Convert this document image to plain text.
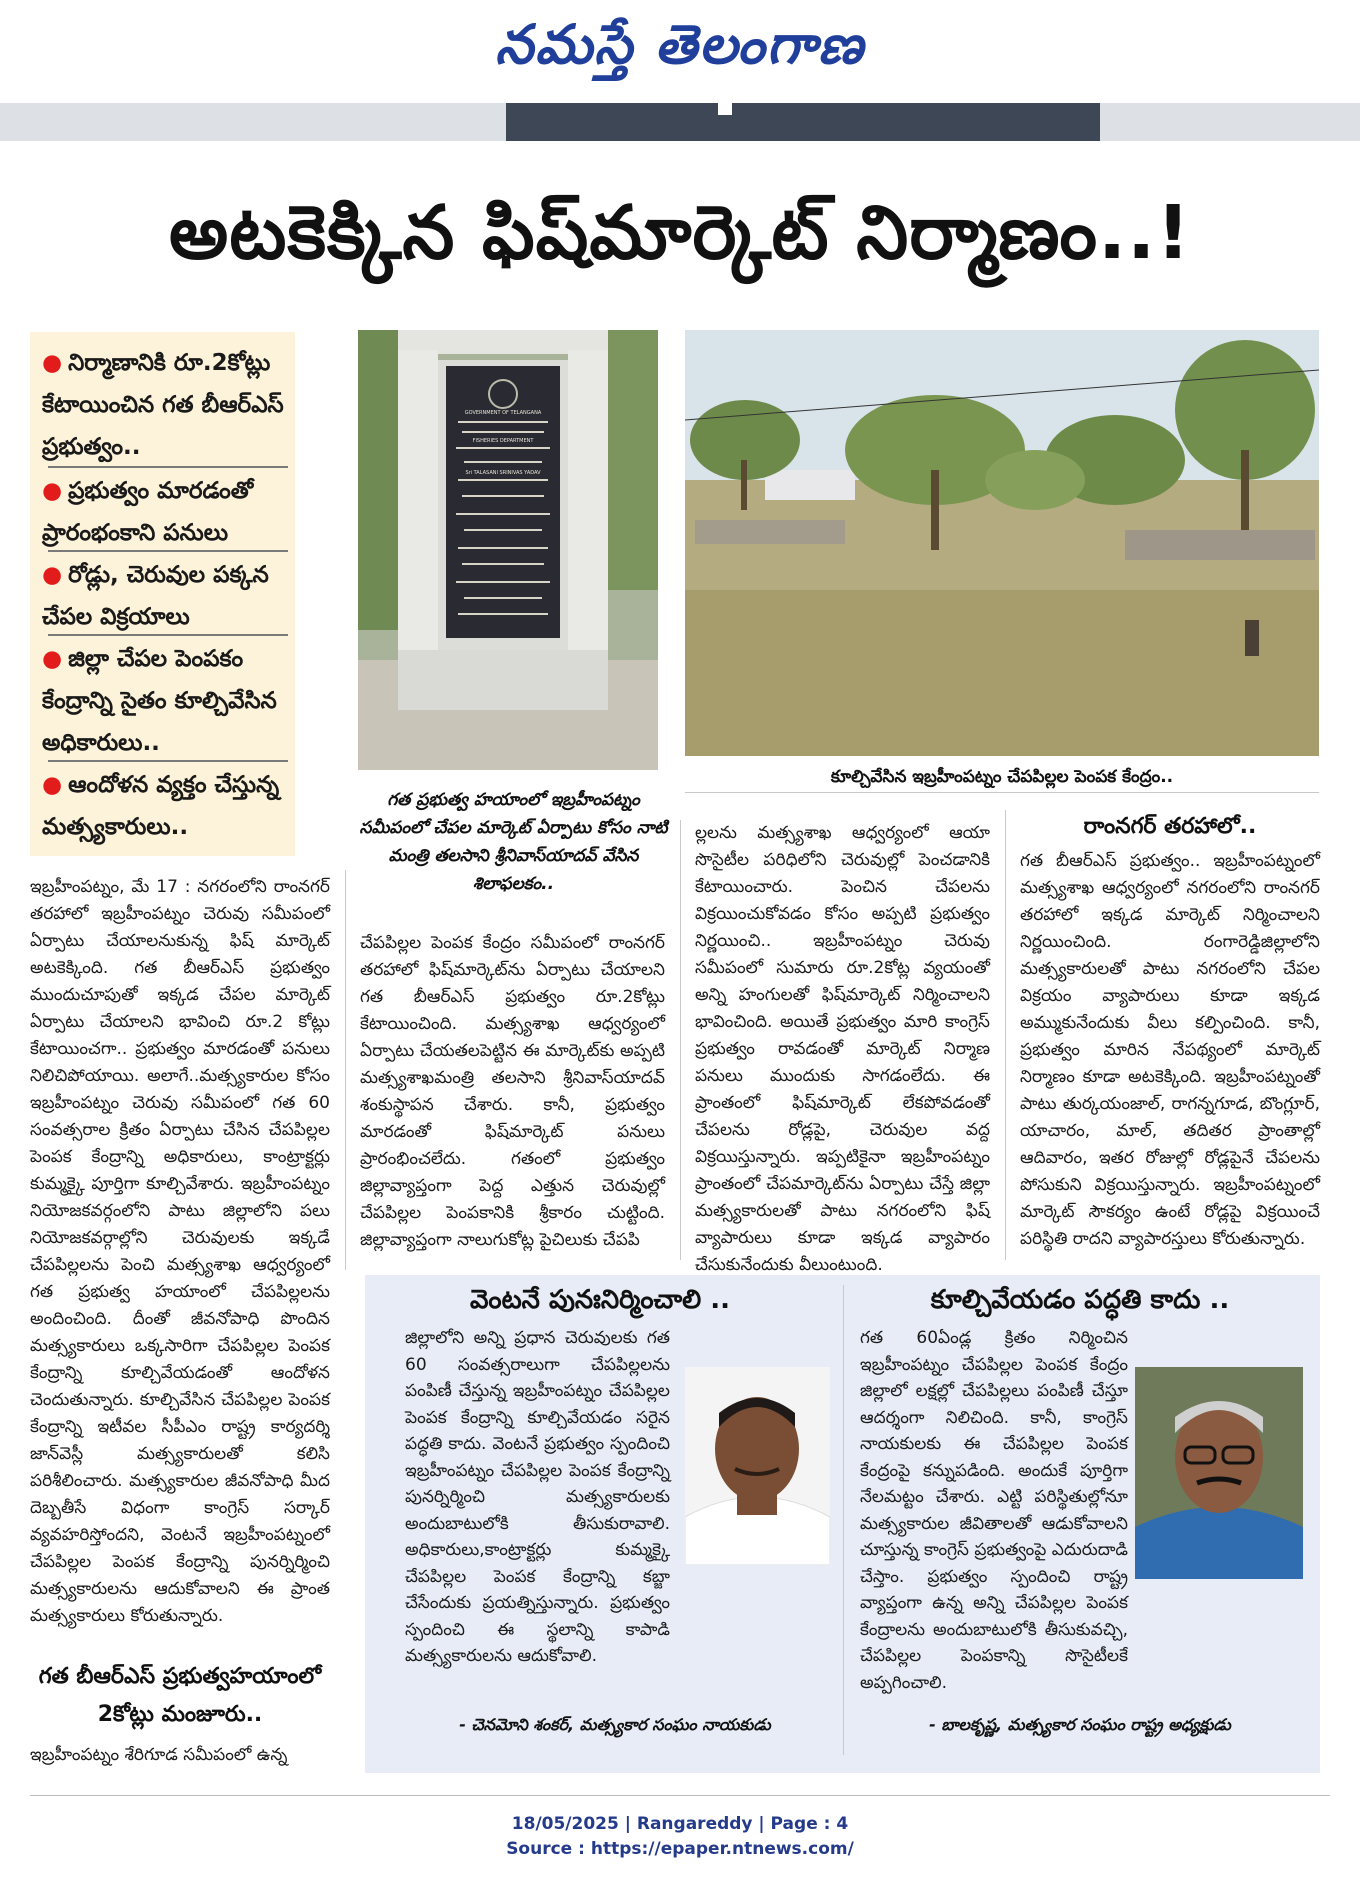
నమస్తే తెలంగాణ
అటకెక్కిన ఫిష్‌మార్కెట్ నిర్మాణం..!
● నిర్మాణానికి రూ.2కోట్లు కేటాయించిన గత బీఆర్ఎస్ ప్రభుత్వం..
● ప్రభుత్వం మారడంతో ప్రారంభంకాని పనులు
● రోడ్లు, చెరువుల పక్కన చేపల విక్రయాలు
● జిల్లా చేపల పెంపకం కేంద్రాన్ని సైతం కూల్చివేసిన అధికారులు..
● ఆందోళన వ్యక్తం చేస్తున్న మత్స్యకారులు..
GOVERNMENT OF TELANGANA
FISHERIES DEPARTMENT
Sri TALASANI SRINIVAS YADAV
గత ప్రభుత్వ హయాంలో ఇబ్రహీంపట్నం సమీపంలో చేపల మార్కెట్ ఏర్పాటు కోసం నాటి మంత్రి తలసాని శ్రీనివాస్‌యాదవ్ వేసిన శిలాఫలకం..
కూల్చివేసిన ఇబ్రహీంపట్నం చేపపిల్లల పెంపక కేంద్రం..
ఇబ్రహీంపట్నం, మే 17 : నగరంలోని రాంనగర్ తరహాలో ఇబ్రహీంపట్నం చెరువు సమీపంలో ఏర్పాటు చేయాలనుకున్న ఫిష్ మార్కెట్ అటకెక్కింది. గత బీఆర్ఎస్ ప్రభుత్వం ముందుచూపుతో ఇక్కడ చేపల మార్కెట్ ఏర్పాటు చేయాలని భావించి రూ.2 కోట్లు కేటాయించగా.. ప్రభుత్వం మారడంతో పనులు నిలిచిపోయాయి. అలాగే..మత్స్యకారుల కోసం ఇబ్రహీంపట్నం చెరువు సమీపంలో గత 60 సంవత్సరాల క్రితం ఏర్పాటు చేసిన చేపపిల్లల పెంపక కేంద్రాన్ని అధికారులు, కాంట్రాక్టర్లు కుమ్మక్కై పూర్తిగా కూల్చివేశారు. ఇబ్రహీంపట్నం నియోజకవర్గంలోని పాటు జిల్లాలోని పలు నియోజకవర్గాల్లోని చెరువులకు ఇక్కడే చేపపిల్లలను పెంచి మత్స్యశాఖ ఆధ్వర్యంలో గత ప్రభుత్వ హయాంలో చేపపిల్లలను అందించింది. దీంతో జీవనోపాధి పొందిన మత్స్యకారులు ఒక్కసారిగా చేపపిల్లల పెంపక కేంద్రాన్ని కూల్చివేయడంతో ఆందోళన చెందుతున్నారు. కూల్చివేసిన చేపపిల్లల పెంపక కేంద్రాన్ని ఇటీవల సీపీఎం రాష్ట్ర కార్యదర్శి జాన్‌వెస్లీ మత్స్యకారులతో కలిసి పరిశీలించారు. మత్స్యకారుల జీవనోపాధి మీద దెబ్బతీసే విధంగా కాంగ్రెస్ సర్కార్ వ్యవహరిస్తోందని, వెంటనే ఇబ్రహీంపట్నంలో చేపపిల్లల పెంపక కేంద్రాన్ని పునర్నిర్మించి మత్స్యకారులను ఆదుకోవాలని ఈ ప్రాంత మత్స్యకారులు కోరుతున్నారు.
గత బీఆర్ఎస్ ప్రభుత్వహయాంలో 2కోట్లు మంజూరు..
ఇబ్రహీంపట్నం శేరిగూడ సమీపంలో ఉన్న
చేపపిల్లల పెంపక కేంద్రం సమీపంలో రాంనగర్ తరహాలో ఫిష్‌మార్కెట్‌ను ఏర్పాటు చేయాలని గత బీఆర్ఎస్ ప్రభుత్వం రూ.2కోట్లు కేటాయించింది. మత్స్యశాఖ ఆధ్వర్యంలో ఏర్పాటు చేయతలపెట్టిన ఈ మార్కెట్‌కు అప్పటి మత్స్యశాఖమంత్రి తలసాని శ్రీనివాస్‌యాదవ్ శంకుస్థాపన చేశారు. కానీ, ప్రభుత్వం మారడంతో ఫిష్‌మార్కెట్ పనులు ప్రారంభించలేదు. గతంలో ప్రభుత్వం జిల్లావ్యాప్తంగా పెద్ద ఎత్తున చెరువుల్లో చేపపిల్లల పెంపకానికి శ్రీకారం చుట్టింది. జిల్లావ్యాప్తంగా నాలుగుకోట్ల పైచిలుకు చేపపి
ల్లలను మత్స్యశాఖ ఆధ్వర్యంలో ఆయా సొసైటీల పరిధిలోని చెరువుల్లో పెంచడానికి కేటాయించారు. పెంచిన చేపలను విక్రయించుకోవడం కోసం అప్పటి ప్రభుత్వం నిర్ణయించి.. ఇబ్రహీంపట్నం చెరువు సమీపంలో సుమారు రూ.2కోట్ల వ్యయంతో అన్ని హంగులతో ఫిష్‌మార్కెట్ నిర్మించాలని భావించింది. అయితే ప్రభుత్వం మారి కాంగ్రెస్ ప్రభుత్వం రావడంతో మార్కెట్ నిర్మాణ పనులు ముందుకు సాగడంలేదు. ఈ ప్రాంతంలో ఫిష్‌మార్కెట్ లేకపోవడంతో చేపలను రోడ్లపై, చెరువుల వద్ద విక్రయిస్తున్నారు. ఇప్పటికైనా ఇబ్రహీంపట్నం ప్రాంతంలో చేపమార్కెట్‌ను ఏర్పాటు చేస్తే జిల్లా మత్స్యకారులతో పాటు నగరంలోని ఫిష్ వ్యాపారులు కూడా ఇక్కడ వ్యాపారం చేసుకునేందుకు వీలుంటుంది.
రాంనగర్ తరహాలో..
గత బీఆర్ఎస్ ప్రభుత్వం.. ఇబ్రహీంపట్నంలో మత్స్యశాఖ ఆధ్వర్యంలో నగరంలోని రాంనగర్ తరహాలో ఇక్కడ మార్కెట్ నిర్మించాలని నిర్ణయించింది. రంగారెడ్డిజిల్లాలోని మత్స్యకారులతో పాటు నగరంలోని చేపల విక్రయం వ్యాపారులు కూడా ఇక్కడ అమ్ముకునేందుకు వీలు కల్పించింది. కానీ, ప్రభుత్వం మారిన నేపథ్యంలో మార్కెట్ నిర్మాణం కూడా అటకెక్కింది. ఇబ్రహీంపట్నంతో పాటు తుర్కయంజాల్, రాగన్నగూడ, బొంగ్లూర్, యాచారం, మాల్, తదితర ప్రాంతాల్లో ఆదివారం, ఇతర రోజుల్లో రోడ్లపైనే చేపలను పోసుకుని విక్రయిస్తున్నారు. ఇబ్రహీంపట్నంలో మార్కెట్ సౌకర్యం ఉంటే రోడ్లపై విక్రయించే పరిస్థితి రాదని వ్యాపారస్తులు కోరుతున్నారు.
వెంటనే పునఃనిర్మించాలి ..
జిల్లాలోని అన్ని ప్రధాన చెరువులకు గత 60 సంవత్సరాలుగా చేపపిల్లలను పంపిణీ చేస్తున్న ఇబ్రహీంపట్నం చేపపిల్లల పెంపక కేంద్రాన్ని కూల్చివేయడం సరైన పద్ధతి కాదు. వెంటనే ప్రభుత్వం స్పందించి ఇబ్రహీంపట్నం చేపపిల్లల పెంపక కేంద్రాన్ని పునర్నిర్మించి మత్స్యకారులకు అందుబాటులోకి తీసుకురావాలి. అధికారులు,కాంట్రాక్టర్లు కుమ్మక్కై చేపపిల్లల పెంపక కేంద్రాన్ని కబ్జా చేసేందుకు ప్రయత్నిస్తున్నారు. ప్రభుత్వం స్పందించి ఈ స్థలాన్ని కాపాడి మత్స్యకారులను ఆదుకోవాలి.
- చెనమోని శంకర్, మత్స్యకార సంఘం నాయకుడు
కూల్చివేయడం పద్ధతి కాదు ..
గత 60ఏండ్ల క్రితం నిర్మించిన ఇబ్రహీంపట్నం చేపపిల్లల పెంపక కేంద్రం జిల్లాలో లక్షల్లో చేపపిల్లలు పంపిణీ చేస్తూ ఆదర్శంగా నిలిచింది. కానీ, కాంగ్రెస్ నాయకులకు ఈ చేపపిల్లల పెంపక కేంద్రంపై కన్నుపడింది. అందుకే పూర్తిగా నేలమట్టం చేశారు. ఎట్టి పరిస్థితుల్లోనూ మత్స్యకారుల జీవితాలతో ఆడుకోవాలని చూస్తున్న కాంగ్రెస్ ప్రభుత్వంపై ఎదురుదాడి చేస్తాం. ప్రభుత్వం స్పందించి రాష్ట్ర వ్యాప్తంగా ఉన్న అన్ని చేపపిల్లల పెంపక కేంద్రాలను అందుబాటులోకి తీసుకువచ్చి, చేపపిల్లల పెంపకాన్ని సొసైటీలకే అప్పగించాలి.
- బాలకృష్ణ, మత్స్యకార సంఘం రాష్ట్ర అధ్యక్షుడు
18/05/2025 | Rangareddy | Page : 4
Source : https://epaper.ntnews.com/
